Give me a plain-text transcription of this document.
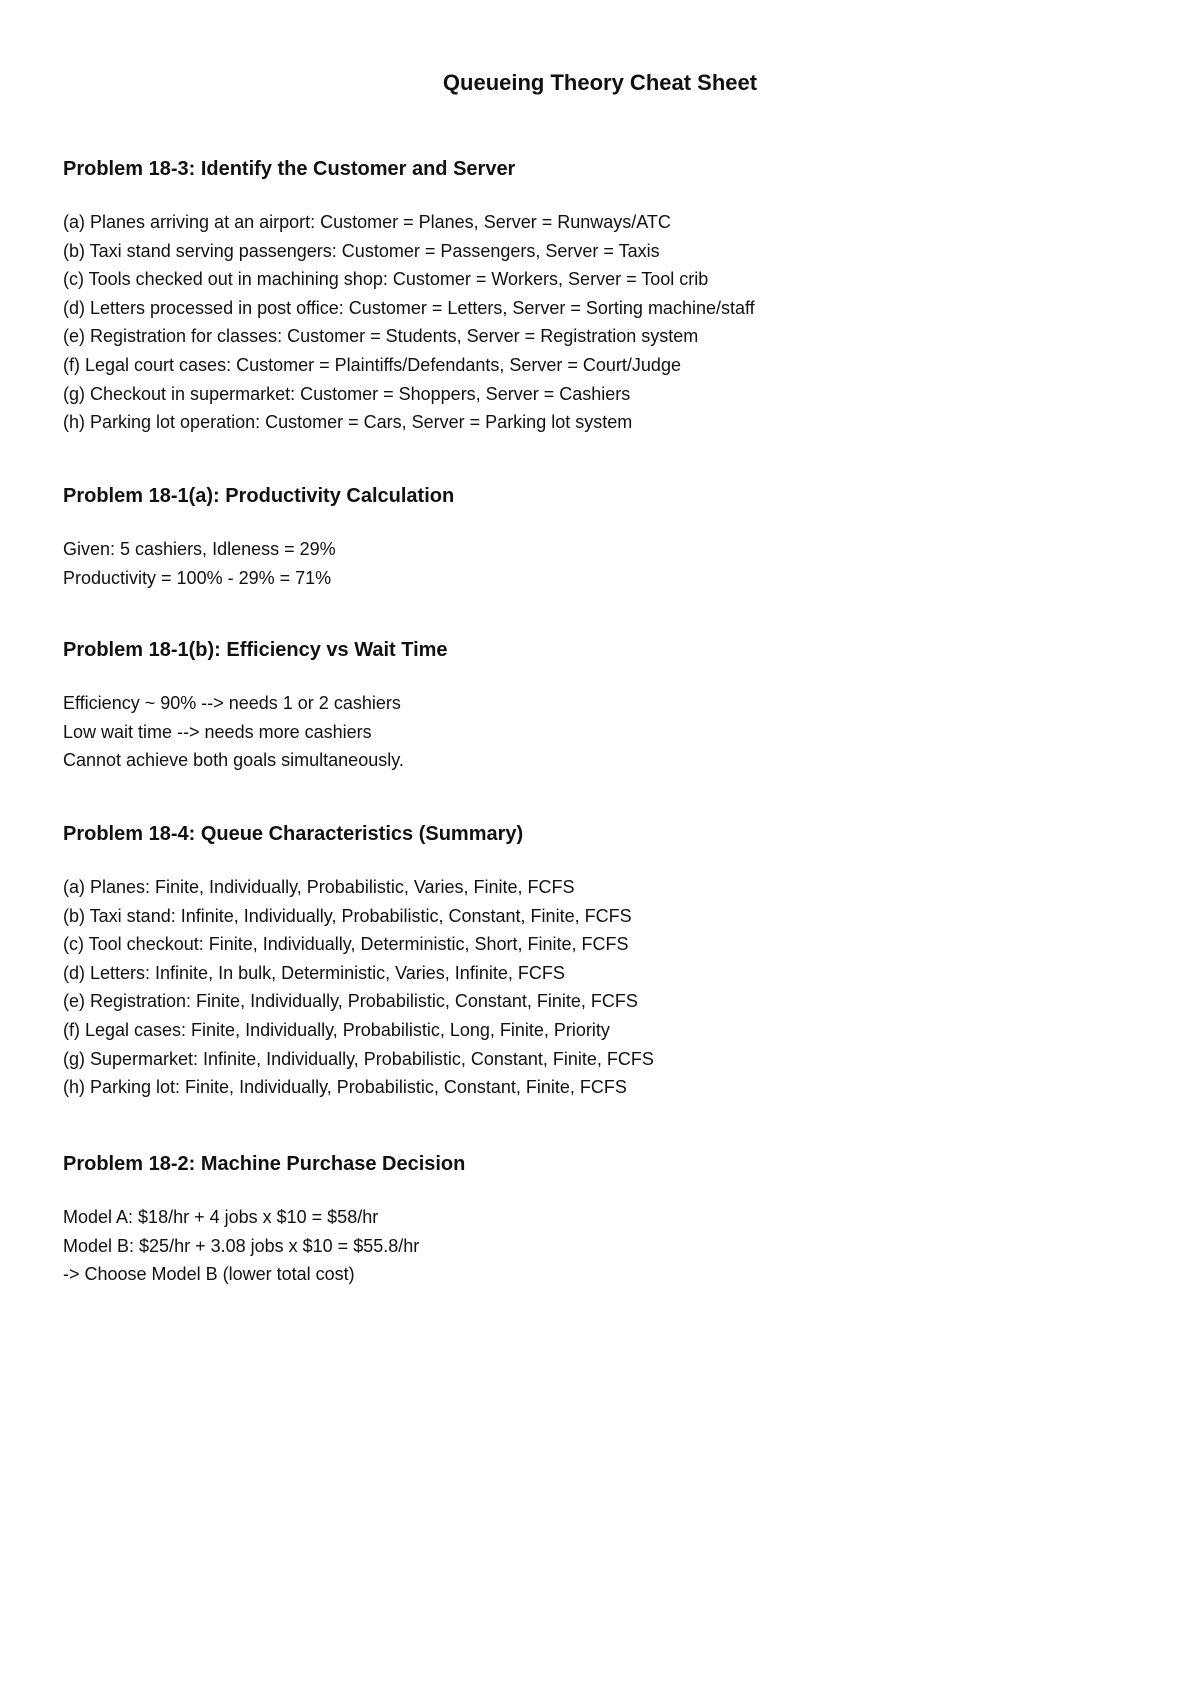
Queueing Theory Cheat Sheet
Problem 18-3: Identify the Customer and Server

(a) Planes arriving at an airport: Customer = Planes, Server = Runways/ATC

(b) Taxi stand serving passengers: Customer = Passengers, Server = Taxis

(c) Tools checked out in machining shop: Customer = Workers, Server = Tool crib

(d) Letters processed in post office: Customer = Letters, Server = Sorting machine/staff

(e) Registration for classes: Customer = Students, Server = Registration system

(f) Legal court cases: Customer = Plaintiffs/Defendants, Server = Court/Judge

(g) Checkout in supermarket: Customer = Shoppers, Server = Cashiers

(h) Parking lot operation: Customer = Cars, Server = Parking lot system

Problem 18-1(a): Productivity Calculation

Given: 5 cashiers, Idleness = 29%

Productivity = 100% - 29% = 71%

Problem 18-1(b): Efficiency vs Wait Time

Efficiency ~ 90% --> needs 1 or 2 cashiers

Low wait time --> needs more cashiers

Cannot achieve both goals simultaneously.

Problem 18-4: Queue Characteristics (Summary)

(a) Planes: Finite, Individually, Probabilistic, Varies, Finite, FCFS

(b) Taxi stand: Infinite, Individually, Probabilistic, Constant, Finite, FCFS

(c) Tool checkout: Finite, Individually, Deterministic, Short, Finite, FCFS

(d) Letters: Infinite, In bulk, Deterministic, Varies, Infinite, FCFS

(e) Registration: Finite, Individually, Probabilistic, Constant, Finite, FCFS

(f) Legal cases: Finite, Individually, Probabilistic, Long, Finite, Priority

(g) Supermarket: Infinite, Individually, Probabilistic, Constant, Finite, FCFS

(h) Parking lot: Finite, Individually, Probabilistic, Constant, Finite, FCFS

Problem 18-2: Machine Purchase Decision

Model A: $18/hr + 4 jobs x $10 = $58/hr

Model B: $25/hr + 3.08 jobs x $10 = $55.8/hr

-> Choose Model B (lower total cost)
